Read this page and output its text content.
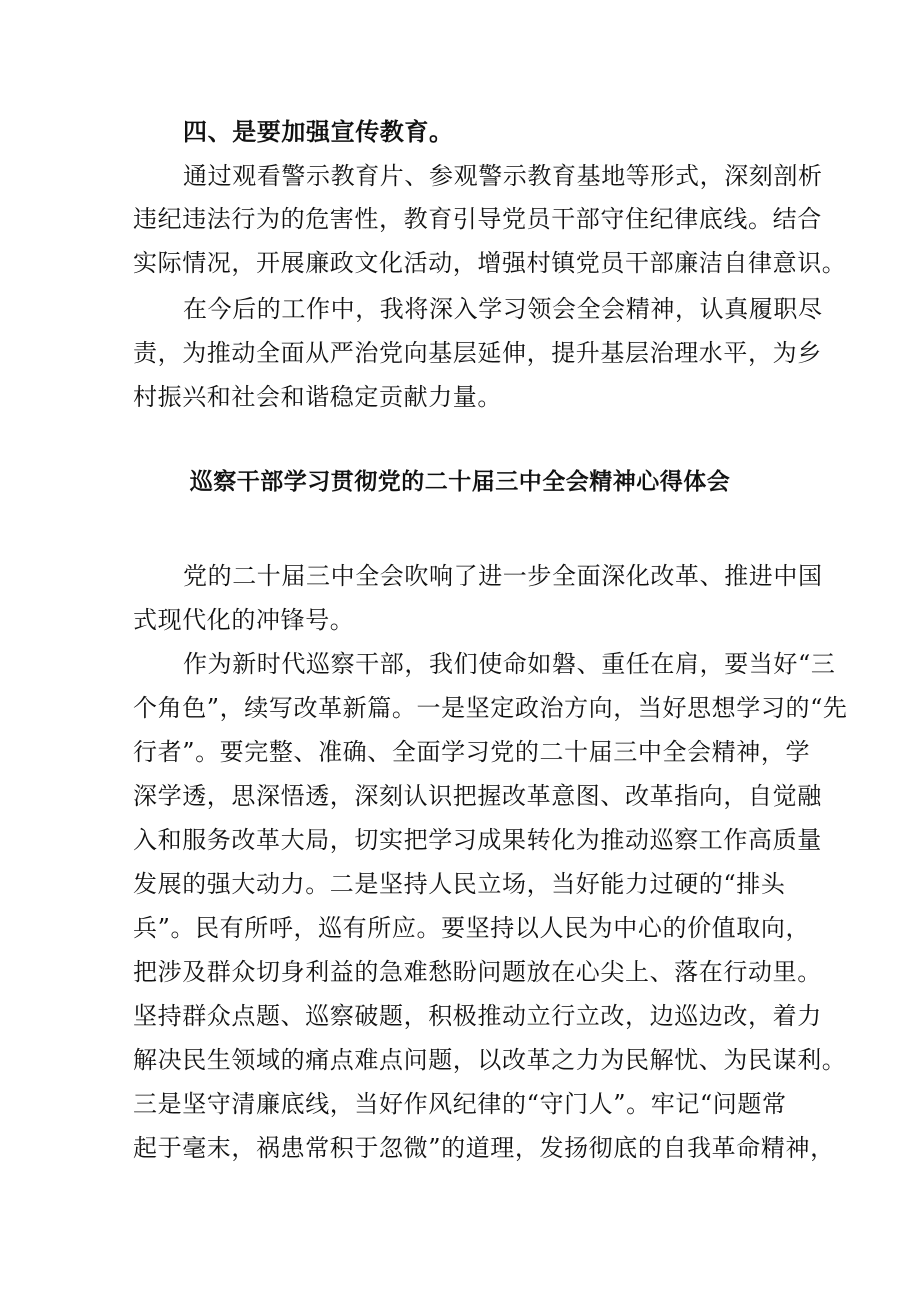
四、是要加强宣传教育。
通过观看警示教育片、参观警示教育基地等形式，深刻剖析
违纪违法行为的危害性，教育引导党员干部守住纪律底线。结合
实际情况，开展廉政文化活动，增强村镇党员干部廉洁自律意识。
在今后的工作中，我将深入学习领会全会精神，认真履职尽
责，为推动全面从严治党向基层延伸，提升基层治理水平，为乡
村振兴和社会和谐稳定贡献力量。
巡察干部学习贯彻党的二十届三中全会精神心得体会
党的二十届三中全会吹响了进一步全面深化改革、推进中国
式现代化的冲锋号。
作为新时代巡察干部，我们使命如磐、重任在肩，要当好“三
个角色”，续写改革新篇。一是坚定政治方向，当好思想学习的“先
行者”。要完整、准确、全面学习党的二十届三中全会精神，学
深学透，思深悟透，深刻认识把握改革意图、改革指向，自觉融
入和服务改革大局，切实把学习成果转化为推动巡察工作高质量
发展的强大动力。二是坚持人民立场，当好能力过硬的“排头
兵”。民有所呼，巡有所应。要坚持以人民为中心的价值取向，
把涉及群众切身利益的急难愁盼问题放在心尖上、落在行动里。
坚持群众点题、巡察破题，积极推动立行立改，边巡边改，着力
解决民生领域的痛点难点问题，以改革之力为民解忧、为民谋利。
三是坚守清廉底线，当好作风纪律的“守门人”。牢记“问题常
起于毫末，祸患常积于忽微”的道理，发扬彻底的自我革命精神，
